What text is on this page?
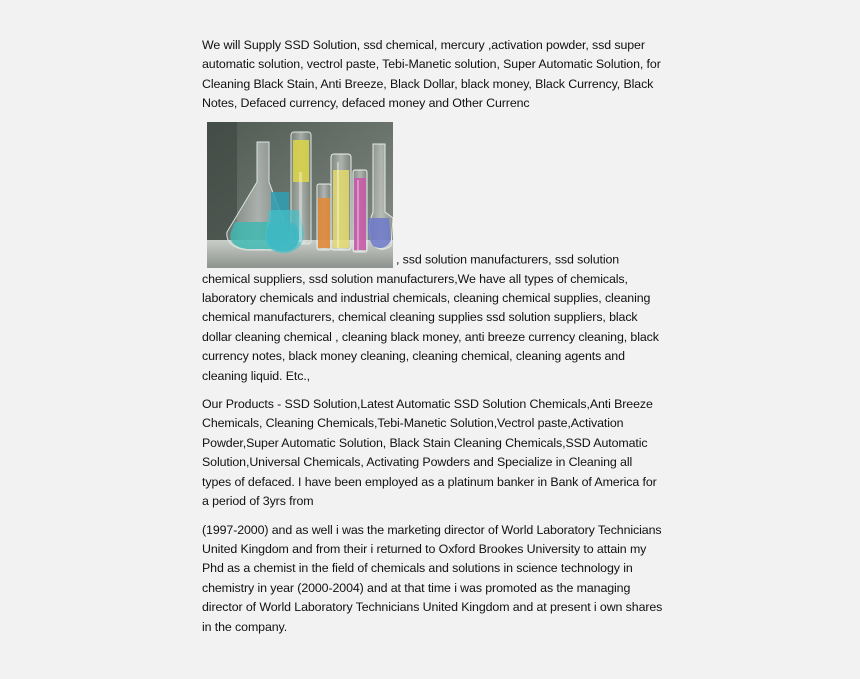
We will Supply SSD Solution, ssd chemical, mercury ,activation powder, ssd super automatic solution, vectrol paste, Tebi-Manetic solution, Super Automatic Solution, for Cleaning Black Stain, Anti Breeze, Black Dollar, black money, Black Currency, Black Notes, Defaced currency, defaced money and Other Currenc

, ssd solution manufacturers, ssd solution chemical suppliers, ssd solution manufacturers,We have all types of chemicals, laboratory chemicals and industrial chemicals, cleaning chemical supplies, cleaning chemical manufacturers, chemical cleaning supplies ssd solution suppliers, black dollar cleaning chemical , cleaning black money, anti breeze currency cleaning, black currency notes, black money cleaning, cleaning chemical, cleaning agents and cleaning liquid. Etc.,

Our Products - SSD Solution,Latest Automatic SSD Solution Chemicals,Anti Breeze Chemicals, Cleaning Chemicals,Tebi-Manetic Solution,Vectrol paste,Activation Powder,Super Automatic Solution, Black Stain Cleaning Chemicals,SSD Automatic Solution,Universal Chemicals, Activating Powders and Specialize in Cleaning all types of defaced. I have been employed as a platinum banker in Bank of America for a period of 3yrs from

(1997-2000) and as well i was the marketing director of World Laboratory Technicians United Kingdom and from their i returned to Oxford Brookes University to attain my Phd as a chemist in the field of chemicals and solutions in science technology in chemistry in year (2000-2004) and at that time i was promoted as the managing director of World Laboratory Technicians United Kingdom and at present i own shares in the company.
